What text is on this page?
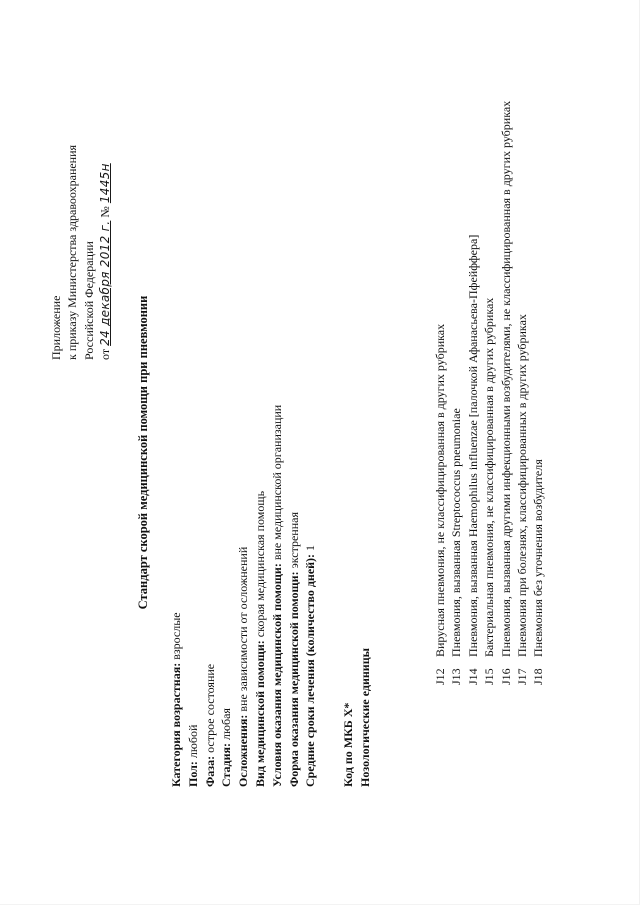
Приложение к приказу Министерства здравоохранения Российской Федерации от 24 декабря 2012 г. № 1445н
Стандарт скорой медицинской помощи при пневмонии
Категория возрастная: взрослые
Пол: любой
Фаза: острое состояние
Стадия: любая Осложнения: вне зависимости от осложнений
Вид медицинской помощи: скорая медицинская помощь Условия оказания медицинской помощи: вне медицинской организации
Форма оказания медицинской помощи: экстренная
Средние сроки лечения (количество дней): 1
Код по МКБ X* Нозологические единицы	J12
Вирусная пневмония, не классифицированная в других рубриках
J13
Пневмония, вызванная Streptococcus pneumoniae
J14
Пневмония, вызванная Haemophilus influenzae [палочкой Афанасьева-Пфейффера]
J15
Бактериальная пневмония, не классифицированная в других рубриках
J16
Пневмония, вызванная другими инфекционными возбудителями, не классифицированная в других рубриках
J17
Пневмония при болезнях, классифицированных в других рубриках
J18
Пневмония без уточнения возбудителя
